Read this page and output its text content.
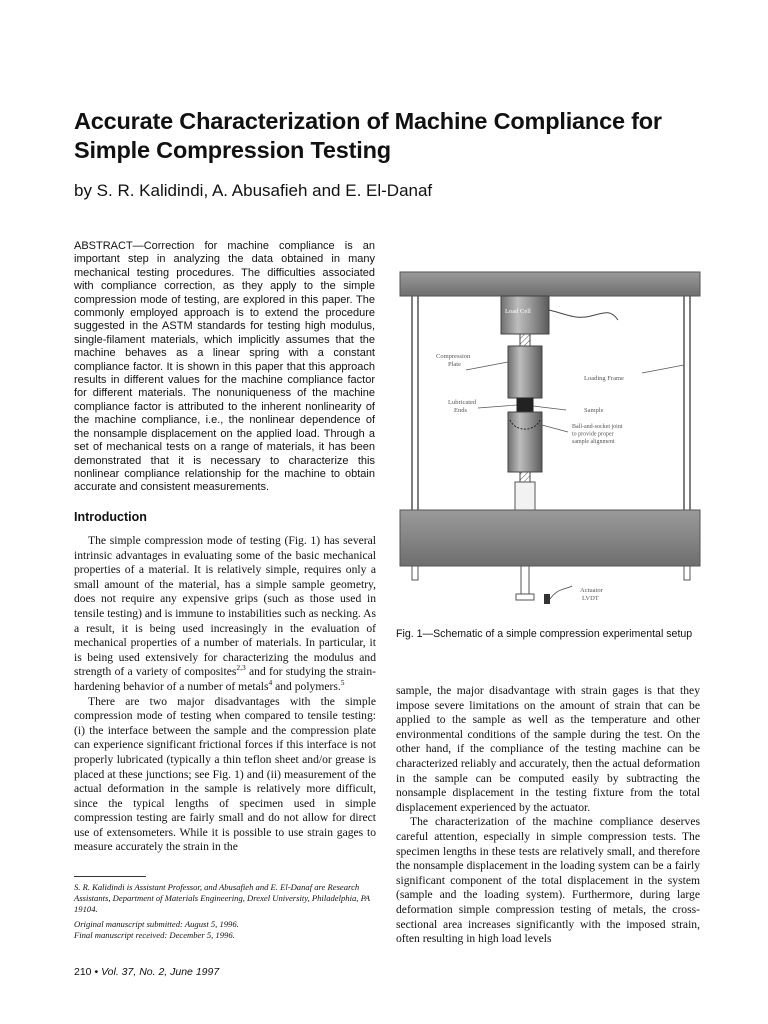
Accurate Characterization of Machine Compliance for Simple Compression Testing
by S. R. Kalidindi, A. Abusafieh and E. El-Danaf
ABSTRACT—Correction for machine compliance is an important step in analyzing the data obtained in many mechanical testing procedures. The difficulties associated with compliance correction, as they apply to the simple compression mode of testing, are explored in this paper. The commonly employed approach is to extend the procedure suggested in the ASTM standards for testing high modulus, single-filament materials, which implicitly assumes that the machine behaves as a linear spring with a constant compliance factor. It is shown in this paper that this approach results in different values for the machine compliance factor for different materials. The nonuniqueness of the machine compliance factor is attributed to the inherent nonlinearity of the machine compliance, i.e., the nonlinear dependence of the nonsample displacement on the applied load. Through a set of mechanical tests on a range of materials, it has been demonstrated that it is necessary to characterize this nonlinear compliance relationship for the machine to obtain accurate and consistent measurements.
Introduction

The simple compression mode of testing (Fig. 1) has several intrinsic advantages in evaluating some of the basic mechanical properties of a material. It is relatively simple, requires only a small amount of the material, has a simple sample geometry, does not require any expensive grips (such as those used in tensile testing) and is immune to instabilities such as necking. As a result, it is being used increasingly in the evaluation of mechanical properties of a number of materials. In particular, it is being used extensively for characterizing the modulus and strength of a variety of composites$^{2,3}$ and for studying the strain-hardening behavior of a number of metals$^4$ and polymers.$^5$

There are two major disadvantages with the simple compression mode of testing when compared to tensile testing: (i) the interface between the sample and the compression plate can experience significant frictional forces if this interface is not properly lubricated (typically a thin teflon sheet and/or grease is placed at these junctions; see Fig. 1) and (ii) measurement of the actual deformation in the sample is relatively more difficult, since the typical lengths of specimen used in simple compression testing are fairly small and do not allow for direct use of extensometers. While it is possible to use strain gages to measure accurately the strain in the

S. R. Kalidindi is Assistant Professor, and Abusafieh and E. El-Danaf are Research Assistants, Department of Materials Engineering, Drexel University, Philadelphia, PA 19104.

Original manuscript submitted: August 5, 1996.

Final manuscript received: December 5, 1996.

210 • Vol. 37, No. 2, June 1997
Load Cell
Compression Plate
Loading Frame
Lubricated Ends	Sample
Ball-and-socket joint to provide proper sample alignment
Actuator LVDT
Fig. 1—Schematic of a simple compression experimental setup

sample, the major disadvantage with strain gages is that they impose severe limitations on the amount of strain that can be applied to the sample as well as the temperature and other environmental conditions of the sample during the test. On the other hand, if the compliance of the testing machine can be characterized reliably and accurately, then the actual deformation in the sample can be computed easily by subtracting the nonsample displacement in the testing fixture from the total displacement experienced by the actuator.

The characterization of the machine compliance deserves careful attention, especially in simple compression tests. The specimen lengths in these tests are relatively small, and therefore the nonsample displacement in the loading system can be a fairly significant component of the total displacement in the system (sample and the loading system). Furthermore, during large deformation simple compression testing of metals, the cross-sectional area increases significantly with the imposed strain, often resulting in high load levels
